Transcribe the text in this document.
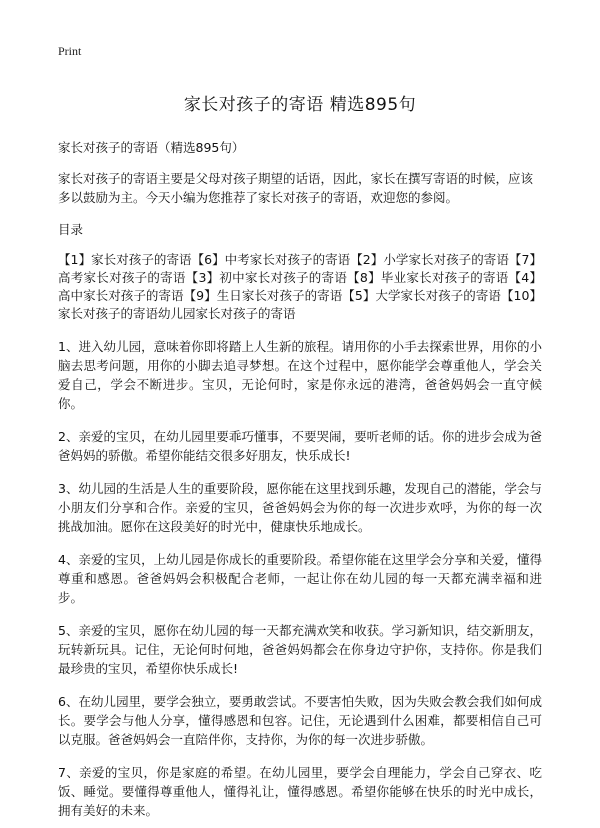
Print
家长对孩子的寄语 精选895句

家长对孩子的寄语（精选895句）

家长对孩子的寄语主要是父母对孩子期望的话语，因此，家长在撰写寄语的时候，应该多以鼓励为主。今天小编为您推荐了家长对孩子的寄语，欢迎您的参阅。

目录

【1】家长对孩子的寄语【6】中考家长对孩子的寄语【2】小学家长对孩子的寄语【7】高考家长对孩子的寄语【3】初中家长对孩子的寄语【8】毕业家长对孩子的寄语【4】高中家长对孩子的寄语【9】生日家长对孩子的寄语【5】大学家长对孩子的寄语【10】家长对孩子的寄语幼儿园家长对孩子的寄语

1、进入幼儿园，意味着你即将踏上人生新的旅程。请用你的小手去探索世界，用你的小脑去思考问题，用你的小脚去追寻梦想。在这个过程中，愿你能学会尊重他人，学会关爱自己，学会不断进步。宝贝，无论何时，家是你永远的港湾，爸爸妈妈会一直守候你。

2、亲爱的宝贝，在幼儿园里要乖巧懂事，不要哭闹，要听老师的话。你的进步会成为爸爸妈妈的骄傲。希望你能结交很多好朋友，快乐成长!

3、幼儿园的生活是人生的重要阶段，愿你能在这里找到乐趣，发现自己的潜能，学会与小朋友们分享和合作。亲爱的宝贝，爸爸妈妈会为你的每一次进步欢呼，为你的每一次挑战加油。愿你在这段美好的时光中，健康快乐地成长。

4、亲爱的宝贝，上幼儿园是你成长的重要阶段。希望你能在这里学会分享和关爱，懂得尊重和感恩。爸爸妈妈会积极配合老师，一起让你在幼儿园的每一天都充满幸福和进步。

5、亲爱的宝贝，愿你在幼儿园的每一天都充满欢笑和收获。学习新知识，结交新朋友，玩转新玩具。记住，无论何时何地，爸爸妈妈都会在你身边守护你，支持你。你是我们最珍贵的宝贝，希望你快乐成长!

6、在幼儿园里，要学会独立，要勇敢尝试。不要害怕失败，因为失败会教会我们如何成长。要学会与他人分享，懂得感恩和包容。记住，无论遇到什么困难，都要相信自己可以克服。爸爸妈妈会一直陪伴你，支持你，为你的每一次进步骄傲。

7、亲爱的宝贝，你是家庭的希望。在幼儿园里，要学会自理能力，学会自己穿衣、吃饭、睡觉。要懂得尊重他人，懂得礼让，懂得感恩。希望你能够在快乐的时光中成长，拥有美好的未来。
